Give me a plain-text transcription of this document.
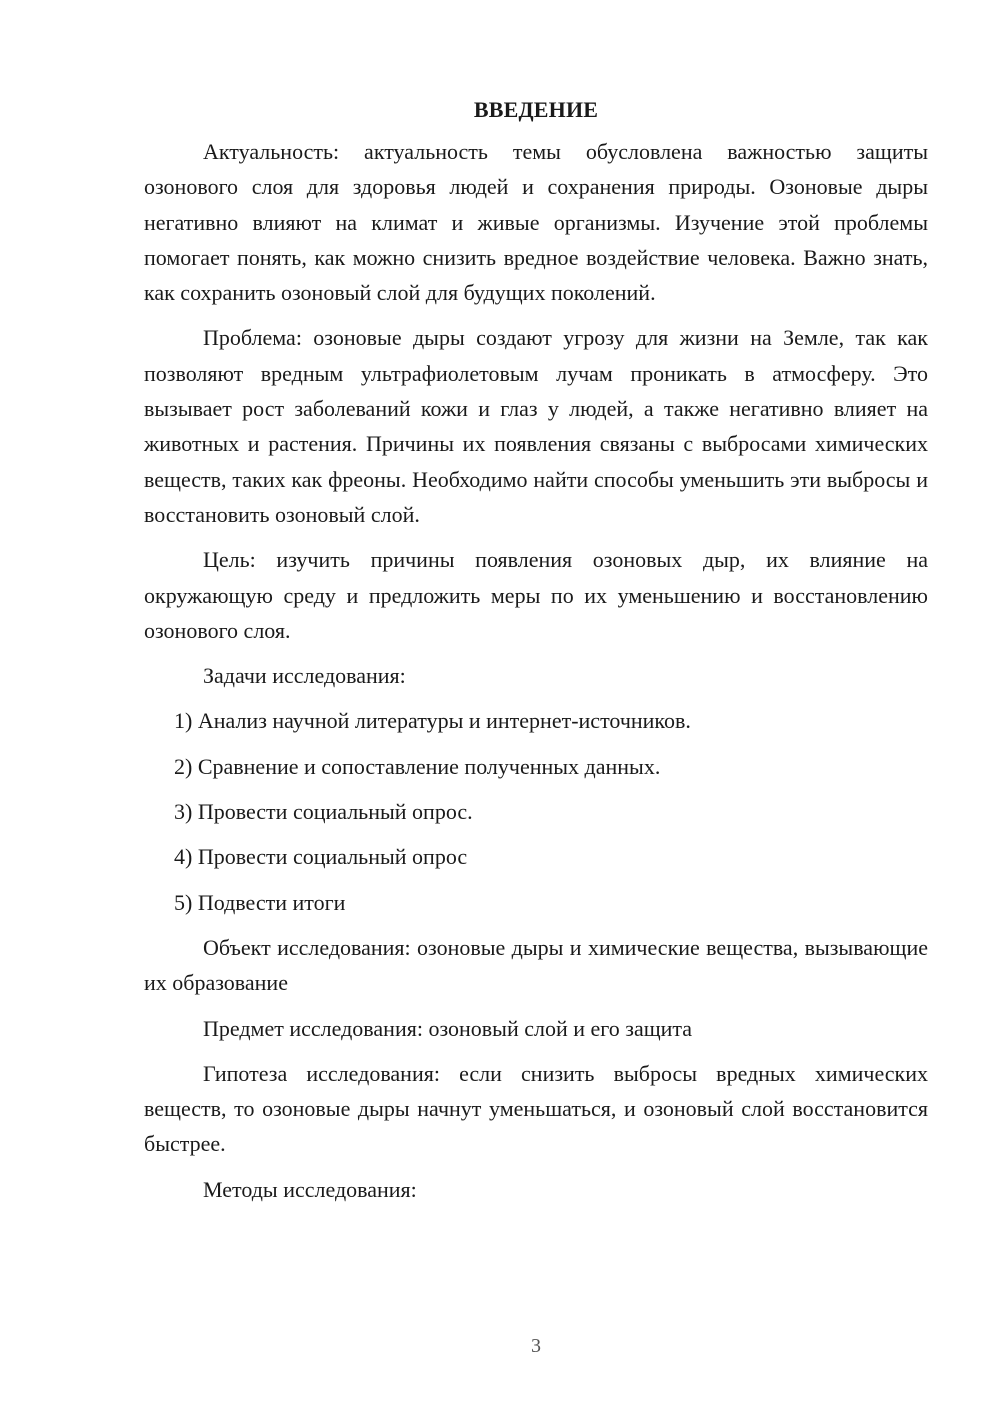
ВВЕДЕНИЕ

Актуальность: актуальность темы обусловлена важностью защиты озонового слоя для здоровья людей и сохранения природы. Озоновые дыры негативно влияют на климат и живые организмы. Изучение этой проблемы помогает понять, как можно снизить вредное воздействие человека. Важно знать, как сохранить озоновый слой для будущих поколений.

Проблема: озоновые дыры создают угрозу для жизни на Земле, так как позволяют вредным ультрафиолетовым лучам проникать в атмосферу. Это вызывает рост заболеваний кожи и глаз у людей, а также негативно влияет на животных и растения. Причины их появления связаны с выбросами химических веществ, таких как фреоны. Необходимо найти способы уменьшить эти выбросы и восстановить озоновый слой.

Цель: изучить причины появления озоновых дыр, их влияние на окружающую среду и предложить меры по их уменьшению и восстановлению озонового слоя.

Задачи исследования:

1) Анализ научной литературы и интернет-источников.

2) Сравнение и сопоставление полученных данных.

3) Провести социальный опрос.

4) Провести социальный опрос

5) Подвести итоги

Объект исследования: озоновые дыры и химические вещества, вызывающие их образование

Предмет исследования: озоновый слой и его защита

Гипотеза исследования: если снизить выбросы вредных химических веществ, то озоновые дыры начнут уменьшаться, и озоновый слой восстановится быстрее.

Методы исследования:

3
